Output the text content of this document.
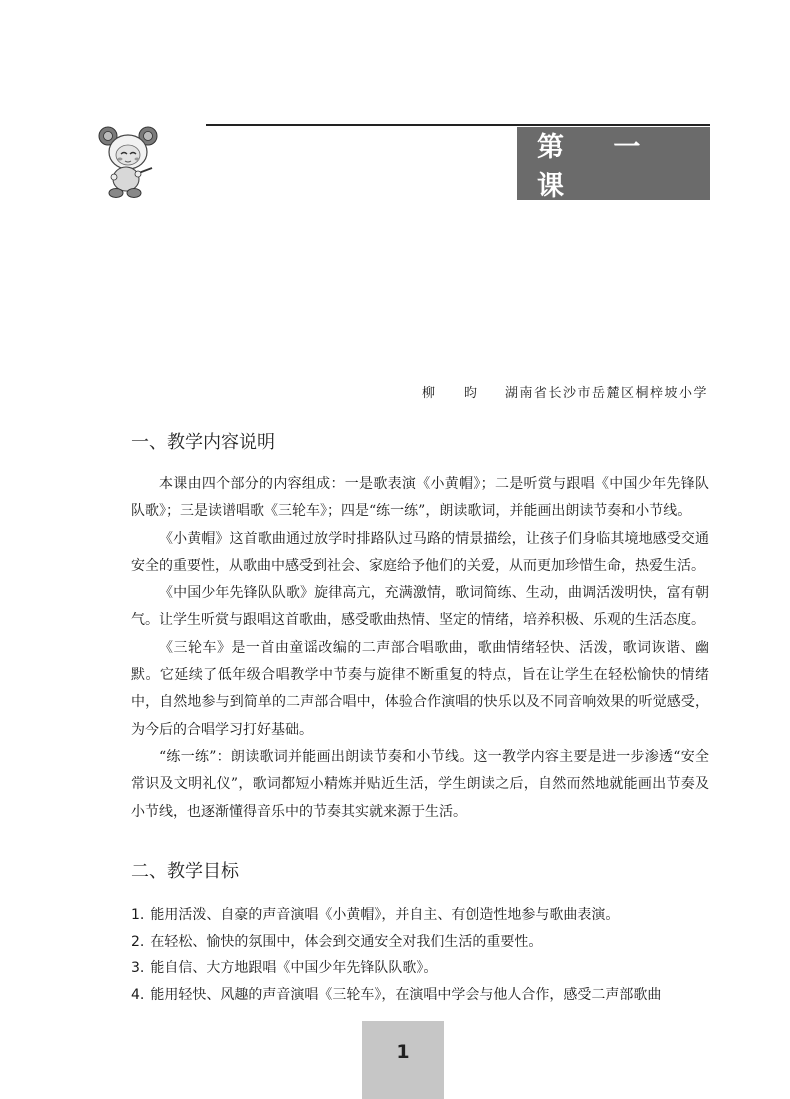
第 一 课
柳　昀 湖南省长沙市岳麓区桐梓坡小学
一、教学内容说明

本课由四个部分的内容组成：一是歌表演《小黄帽》；二是听赏与跟唱《中国少年先锋队队歌》；三是读谱唱歌《三轮车》；四是“练一练”，朗读歌词，并能画出朗读节奏和小节线。

《小黄帽》这首歌曲通过放学时排路队过马路的情景描绘，让孩子们身临其境地感受交通安全的重要性，从歌曲中感受到社会、家庭给予他们的关爱，从而更加珍惜生命，热爱生活。

《中国少年先锋队队歌》旋律高亢，充满激情，歌词简练、生动，曲调活泼明快，富有朝气。让学生听赏与跟唱这首歌曲，感受歌曲热情、坚定的情绪，培养积极、乐观的生活态度。

《三轮车》是一首由童谣改编的二声部合唱歌曲，歌曲情绪轻快、活泼，歌词诙谐、幽默。它延续了低年级合唱教学中节奏与旋律不断重复的特点，旨在让学生在轻松愉快的情绪中，自然地参与到简单的二声部合唱中，体验合作演唱的快乐以及不同音响效果的听觉感受，为今后的合唱学习打好基础。

“练一练”：朗读歌词并能画出朗读节奏和小节线。这一教学内容主要是进一步渗透“安全常识及文明礼仪”，歌词都短小精炼并贴近生活，学生朗读之后，自然而然地就能画出节奏及小节线，也逐渐懂得音乐中的节奏其实就来源于生活。

二、教学目标
1. 能用活泼、自豪的声音演唱《小黄帽》，并自主、有创造性地参与歌曲表演。
2. 在轻松、愉快的氛围中，体会到交通安全对我们生活的重要性。
3. 能自信、大方地跟唱《中国少年先锋队队歌》。
4. 能用轻快、风趣的声音演唱《三轮车》，在演唱中学会与他人合作，感受二声部歌曲
1
